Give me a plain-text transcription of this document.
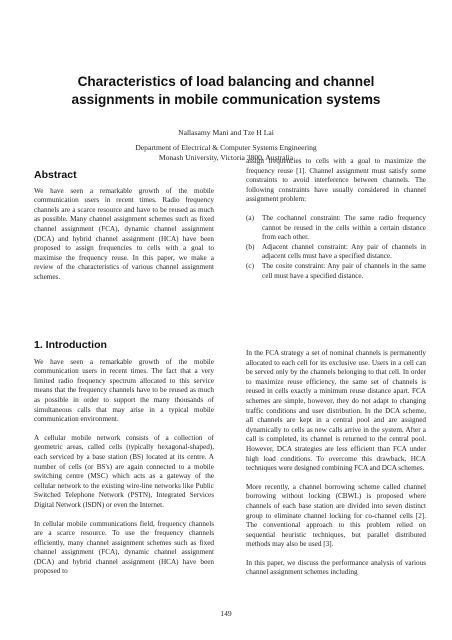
Characteristics of load balancing and channel
assignments in mobile communication systems
Nallasamy Mani and Tze H Lai
Department of Electrical & Computer Systems Engineering
Monash University, Victoria 3800, Australia
Abstract

We have seen a remarkable growth of the mobile communication users in recent times. Radio frequency channels are a scarce resource and have to be reused as much as possible. Many channel assignment schemes such as fixed channel assignment (FCA), dynamic channel assignment (DCA) and hybrid channel assignment (HCA) have been proposed to assign frequencies to cells with a goal to maximise the frequency reuse. In this paper, we make a review of the characteristics of various channel assignment schemes.

1. Introduction

We have seen a remarkable growth of the mobile communication users in recent times. The fact that a very limited radio frequency spectrum allocated to this service means that the frequency channels have to be reused as much as possible in order to support the many thousands of simultaneous calls that may arise in a typical mobile communication environment.

A cellular mobile network consists of a collection of geometric areas, called cells (typically hexagonal-shaped), each serviced by a base station (BS) located at its centre. A number of cells (or BS's) are again connected to a mobile switching centre (MSC) which acts as a gateway of the cellular network to the existing wire-line networks like Public Switched Telephone Network (PSTN), Integrated Services Digital Network (ISDN) or even the Internet.

In cellular mobile communications field, frequency channels are a scarce resource. To use the frequency channels efficiently, many channel assignment schemes such as fixed channel assignment (FCA), dynamic channel assignment (DCA) and hybrid channel assignment (HCA) have been proposed to

assign frequencies to cells with a goal to maximize the frequency reuse [1]. Channel assignment must satisfy some constraints to avoid interference between channels. The following constraints have usually considered in channel assignment problem:

(a)	The cochannel constraint: The same radio frequency cannot be reused in the cells within a certain distance from each other.
(b)	Adjacent channel constraint: Any pair of channels in adjacent cells must have a specified distance.
(c)	The cosite constraint: Any pair of channels in the same cell must have a specified distance.

In the FCA strategy a set of nominal channels is permanently allocated to each cell for its exclusive use. Users in a cell can be served only by the channels belonging to that cell. In order to maximize reuse efficiency, the same set of channels is reused in cells exactly a minimum reuse distance apart. FCA schemes are simple, however, they do not adapt to changing traffic conditions and user distribution. In the DCA scheme, all channels are kept in a central pool and are assigned dynamically to cells as new calls arrive in the system. After a call is completed, its channel is returned to the central pool. However, DCA strategies are less efficient than FCA under high load conditions. To overcome this drawback, HCA techniques were designed combining FCA and DCA schemes.

More recently, a channel borrowing scheme called channel borrowing without locking (CBWL) is proposed where channels of each base station are divided into seven distinct group to eliminate channel locking for co-channel cells [2]. The conventional approach to this problem relied on sequential heuristic techniques, but parallel distributed methods may also be used [3].

In this paper, we discuss the performance analysis of various channel assignment schemes including

149
